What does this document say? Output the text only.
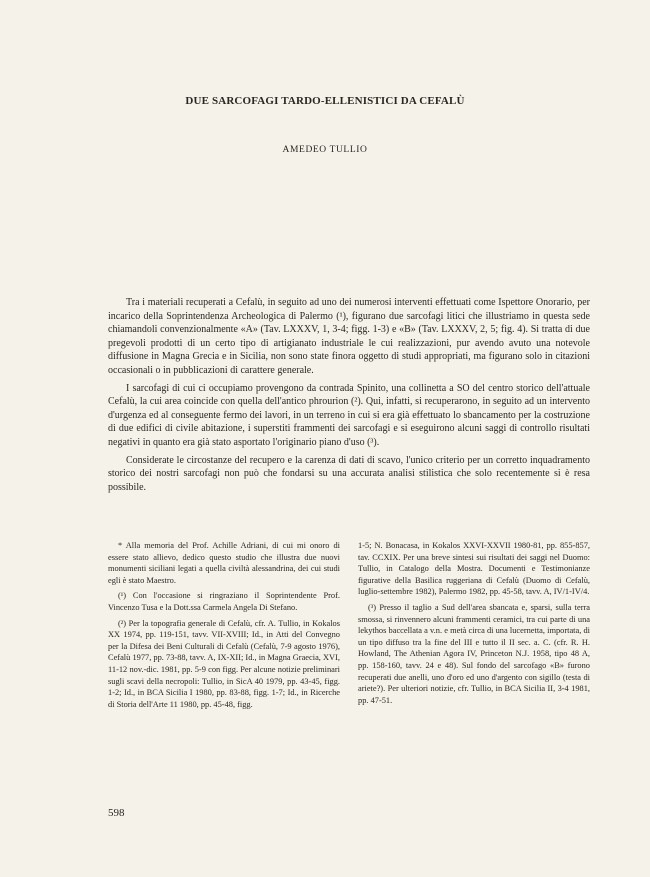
DUE SARCOFAGI TARDO-ELLENISTICI DA CEFALÙ
AMEDEO TULLIO

Tra i materiali recuperati a Cefalù, in seguito ad uno dei numerosi interventi effettuati come Ispettore Onorario, per incarico della Soprintendenza Archeologica di Palermo (¹), figurano due sarcofagi litici che illustriamo in questa sede chiamandoli convenzionalmente «A» (Tav. LXXXV, 1, 3-4; figg. 1-3) e «B» (Tav. LXXXV, 2, 5; fig. 4). Si tratta di due pregevoli prodotti di un certo tipo di artigianato industriale le cui realizzazioni, pur avendo avuto una notevole diffusione in Magna Grecia e in Sicilia, non sono state finora oggetto di studi appropriati, ma figurano solo in citazioni occasionali o in pubblicazioni di carattere generale.

I sarcofagi di cui ci occupiamo provengono da contrada Spinito, una collinetta a SO del centro storico dell'attuale Cefalù, la cui area coincide con quella dell'antico phrourion (²). Qui, infatti, si recuperarono, in seguito ad un intervento d'urgenza ed al conseguente fermo dei lavori, in un terreno in cui si era già effettuato lo sbancamento per la costruzione di due edifici di civile abitazione, i superstiti frammenti dei sarcofagi e si eseguirono alcuni saggi di controllo risultati negativi in quanto era già stato asportato l'originario piano d'uso (³).

Considerate le circostanze del recupero e la carenza di dati di scavo, l'unico criterio per un corretto inquadramento storico dei nostri sarcofagi non può che fondarsi su una accurata analisi stilistica che solo recentemente si è resa possibile.

* Alla memoria del Prof. Achille Adriani, di cui mi onoro di essere stato allievo, dedico questo studio che illustra due nuovi monumenti siciliani legati a quella civiltà alessandrina, dei cui studi egli è stato Maestro.

(¹) Con l'occasione si ringraziano il Soprintendente Prof. Vincenzo Tusa e la Dott.ssa Carmela Angela Di Stefano.

(²) Per la topografia generale di Cefalù, cfr. A. Tullio, in Kokalos XX 1974, pp. 119-151, tavv. VII-XVIII; Id., in Atti del Convegno per la Difesa dei Beni Culturali di Cefalù (Cefalù, 7-9 agosto 1976), Cefalù 1977, pp. 73-88, tavv. A, IX-XII; Id., in Magna Graecia, XVI, 11-12 nov.-dic. 1981, pp. 5-9 con figg. Per alcune notizie preliminari sugli scavi della necropoli: Tullio, in SicA 40 1979, pp. 43-45, figg. 1-2; Id., in BCA Sicilia I 1980, pp. 83-88, figg. 1-7; Id., in Ricerche di Storia dell'Arte 11 1980, pp. 45-48, figg.

1-5; N. Bonacasa, in Kokalos XXVI-XXVII 1980-81, pp. 855-857, tav. CCXIX. Per una breve sintesi sui risultati dei saggi nel Duomo: Tullio, in Catalogo della Mostra. Documenti e Testimonianze figurative della Basilica ruggeriana di Cefalù (Duomo di Cefalù, luglio-settembre 1982), Palermo 1982, pp. 45-58, tavv. A, IV/1-IV/4.

(³) Presso il taglio a Sud dell'area sbancata e, sparsi, sulla terra smossa, si rinvennero alcuni frammenti ceramici, tra cui parte di una lekythos baccellata a v.n. e metà circa di una lucernetta, importata, di un tipo diffuso tra la fine del III e tutto il II sec. a. C. (cfr. R. H. Howland, The Athenian Agora IV, Princeton N.J. 1958, tipo 48 A, pp. 158-160, tavv. 24 e 48). Sul fondo del sarcofago «B» furono recuperati due anelli, uno d'oro ed uno d'argento con sigillo (testa di ariete?). Per ulteriori notizie, cfr. Tullio, in BCA Sicilia II, 3-4 1981, pp. 47-51.

598
